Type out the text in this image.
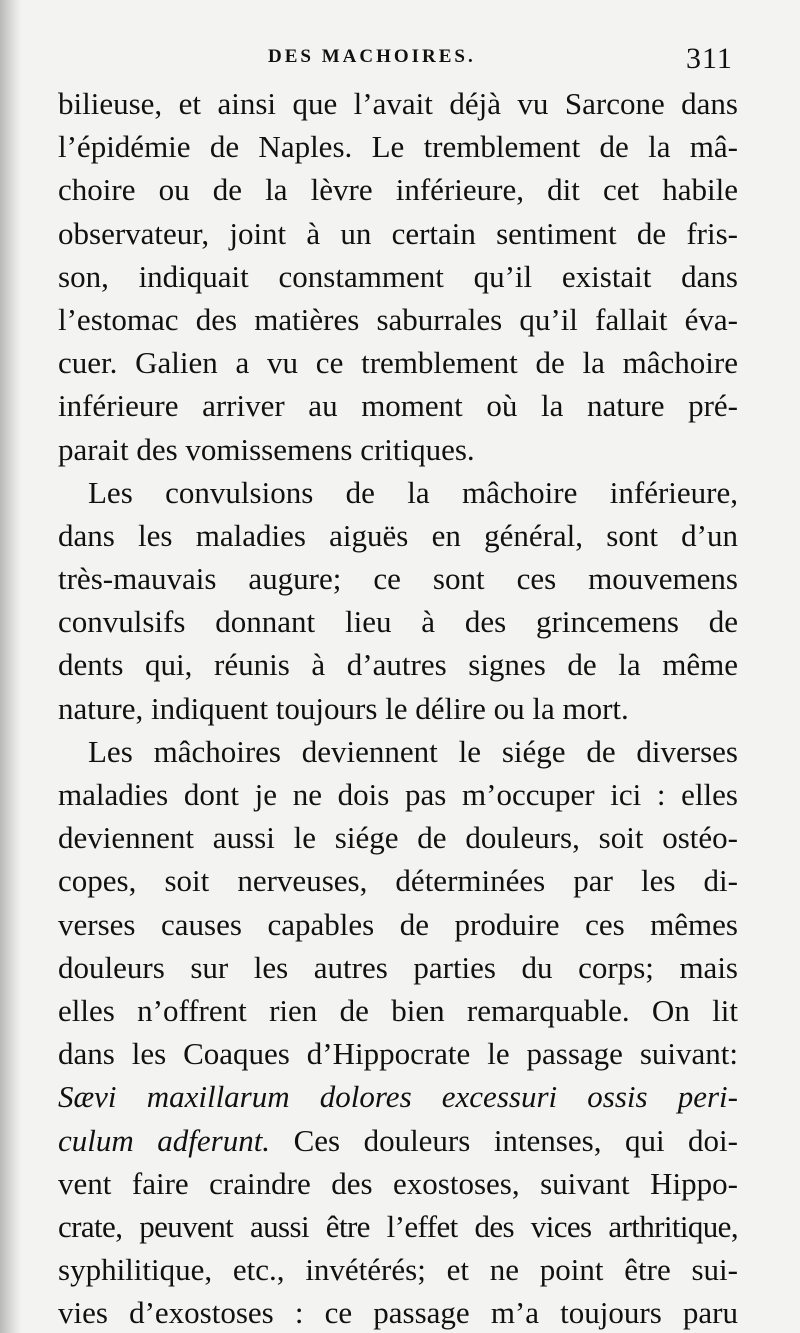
DES MACHOIRES.	311
bilieuse, et ainsi que l’avait déjà vu Sarcone dans
l’épidémie de Naples. Le tremblement de la mâ-
choire ou de la lèvre inférieure, dit cet habile
observateur, joint à un certain sentiment de fris-
son, indiquait constamment qu’il existait dans
l’estomac des matières saburrales qu’il fallait éva-
cuer. Galien a vu ce tremblement de la mâchoire
inférieure arriver au moment où la nature pré-
parait des vomissemens critiques.
Les convulsions de la mâchoire inférieure,
dans les maladies aiguës en général, sont d’un
très-mauvais augure; ce sont ces mouvemens
convulsifs donnant lieu à des grincemens de
dents qui, réunis à d’autres signes de la même
nature, indiquent toujours le délire ou la mort.
Les mâchoires deviennent le siége de diverses
maladies dont je ne dois pas m’occuper ici : elles
deviennent aussi le siége de douleurs, soit ostéo-
copes, soit nerveuses, déterminées par les di-
verses causes capables de produire ces mêmes
douleurs sur les autres parties du corps; mais
elles n’offrent rien de bien remarquable. On lit
dans les Coaques d’Hippocrate le passage suivant:
Sævi maxillarum dolores excessuri ossis peri-
culum adferunt. Ces douleurs intenses, qui doi-
vent faire craindre des exostoses, suivant Hippo-
crate, peuvent aussi être l’effet des vices arthritique,
syphilitique, etc., invétérés; et ne point être sui-
vies d’exostoses : ce passage m’a toujours paru
